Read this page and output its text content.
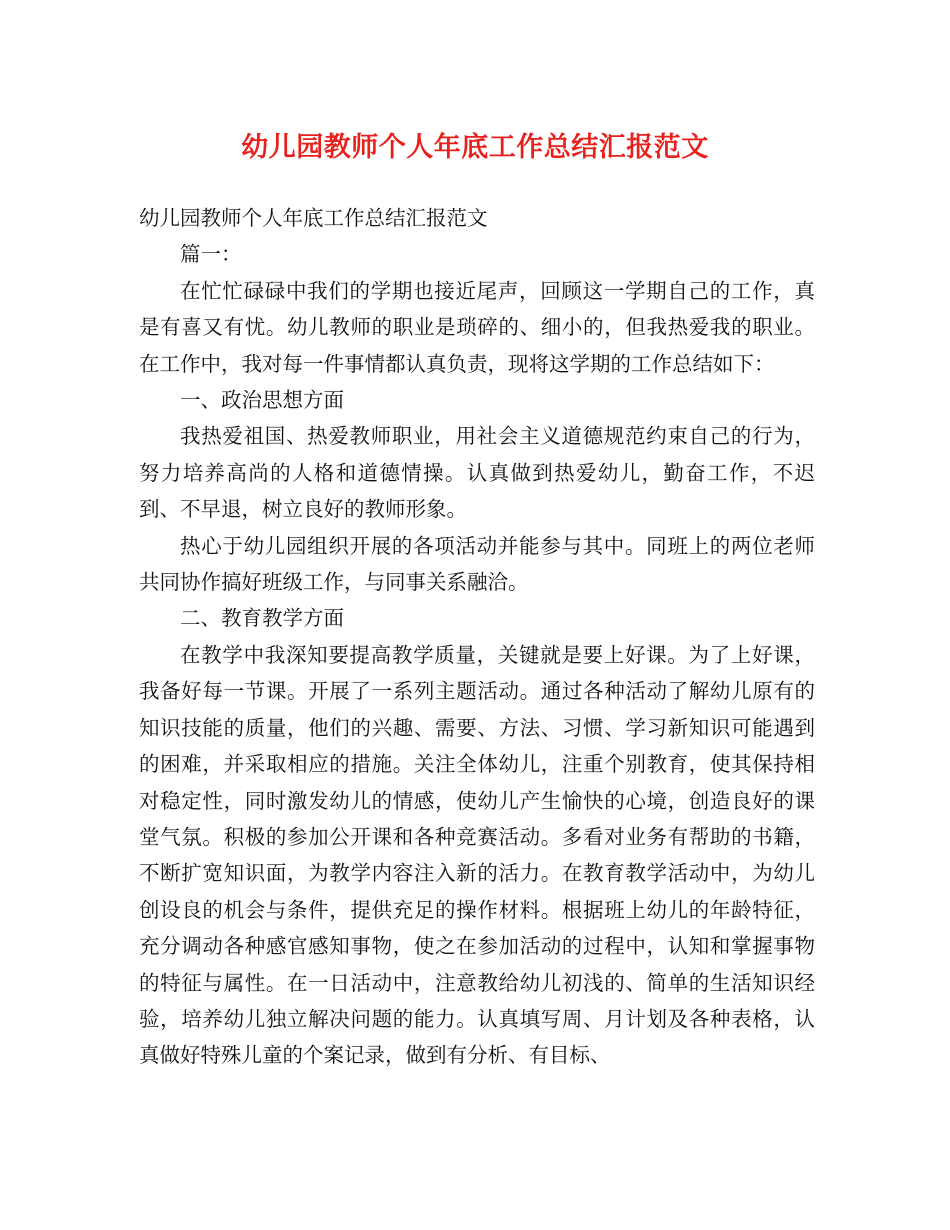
幼儿园教师个人年底工作总结汇报范文

幼儿园教师个人年底工作总结汇报范文

篇一：

在忙忙碌碌中我们的学期也接近尾声，回顾这一学期自己的工作，真是有喜又有忧。幼儿教师的职业是琐碎的、细小的，但我热爱我的职业。在工作中，我对每一件事情都认真负责，现将这学期的工作总结如下：

一、政治思想方面

我热爱祖国、热爱教师职业，用社会主义道德规范约束自己的行为，努力培养高尚的人格和道德情操。认真做到热爱幼儿，勤奋工作，不迟到、不早退，树立良好的教师形象。

热心于幼儿园组织开展的各项活动并能参与其中。同班上的两位老师共同协作搞好班级工作，与同事关系融洽。

二、教育教学方面

在教学中我深知要提高教学质量，关键就是要上好课。为了上好课，我备好每一节课。开展了一系列主题活动。通过各种活动了解幼儿原有的知识技能的质量，他们的兴趣、需要、方法、习惯、学习新知识可能遇到的困难，并采取相应的措施。关注全体幼儿，注重个别教育，使其保持相对稳定性，同时激发幼儿的情感，使幼儿产生愉快的心境，创造良好的课堂气氛。积极的参加公开课和各种竞赛活动。多看对业务有帮助的书籍，不断扩宽知识面，为教学内容注入新的活力。在教育教学活动中，为幼儿创设良的机会与条件，提供充足的操作材料。根据班上幼儿的年龄特征，充分调动各种感官感知事物，使之在参加活动的过程中，认知和掌握事物的特征与属性。在一日活动中，注意教给幼儿初浅的、简单的生活知识经验，培养幼儿独立解决问题的能力。认真填写周、月计划及各种表格，认真做好特殊儿童的个案记录，做到有分析、有目标、
